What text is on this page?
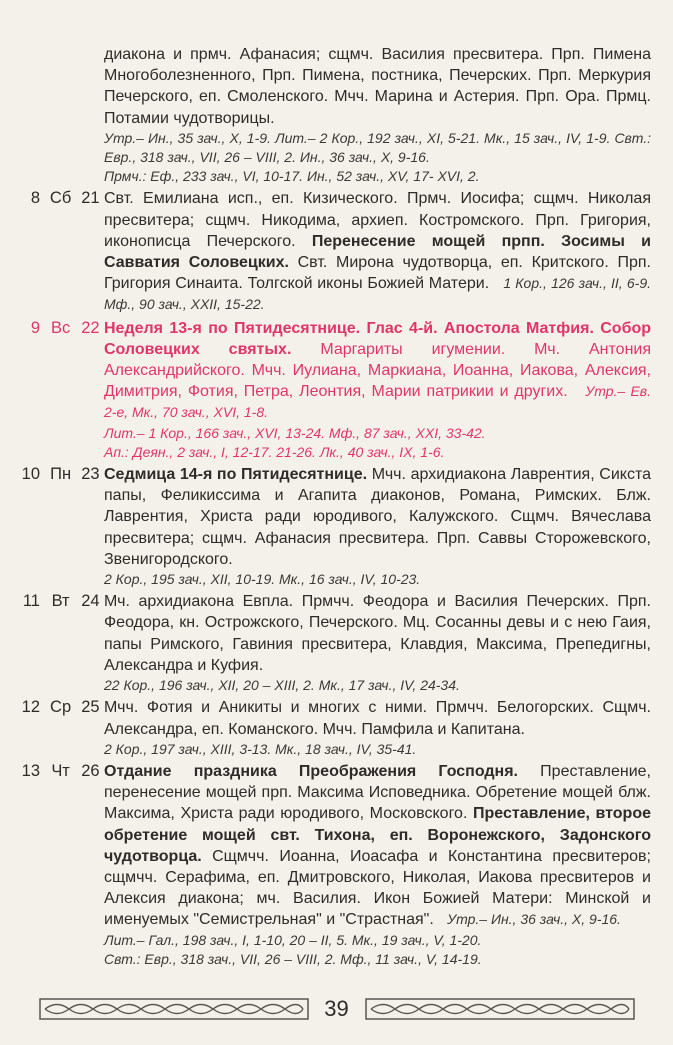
диакона и прмч. Афанасия; сщмч. Василия пресвитера. Прп. Пимена Многоболезненного, Прп. Пимена, постника, Печерских. Прп. Меркурия Печерского, еп. Смоленского. Мчч. Марина и Астерия. Прп. Ора. Прмц. Потамии чудотворицы.

Утр.– Ин., 35 зач., X, 1-9. Лит.– 2 Кор., 192 зач., XI, 5-21. Мк., 15 зач., IV, 1-9. Свт.: Евр., 318 зач., VII, 26 – VIII, 2. Ин., 36 зач., X, 9-16.

Прмч.: Еф., 233 зач., VI, 10-17. Ин., 52 зач., XV, 17- XVI, 2.

8 Сб 21 Свт. Емилиана исп., еп. Кизического. Прмч. Иосифа; сщмч. Николая пресвитера; сщмч. Никодима, архиеп. Костромского. Прп. Григория, иконописца Печерского. Перенесение мощей прпп. Зосимы и Савватия Соловецких. Свт. Мирона чудотворца, еп. Критского. Прп. Григория Синаита. Толгской иконы Божией Матери. 1 Кор., 126 зач., II, 6-9. Мф., 90 зач., XXII, 15-22.

9 Вс 22 Неделя 13-я по Пятидесятнице. Глас 4-й. Апостола Матфия. Собор Соловецких святых. Маргариты игумении. Мч. Антония Александрийского. Мчч. Иулиана, Маркиана, Иоанна, Иакова, Алексия, Димитрия, Фотия, Петра, Леонтия, Марии патрикии и других. Утр.– Ев. 2-е, Мк., 70 зач., XVI, 1-8.

Лит.– 1 Кор., 166 зач., XVI, 13-24. Мф., 87 зач., XXI, 33-42.

Ап.: Деян., 2 зач., I, 12-17. 21-26. Лк., 40 зач., IX, 1-6.

10 Пн 23 Седмица 14-я по Пятидесятнице. Мчч. архидиакона Лаврентия, Сикста папы, Феликиссима и Агапита диаконов, Романа, Римских. Блж. Лаврентия, Христа ради юродивого, Калужского. Сщмч. Вячеслава пресвитера; сщмч. Афанасия пресвитера. Прп. Саввы Сторожевского, Звенигородского.

2 Кор., 195 зач., XII, 10-19. Мк., 16 зач., IV, 10-23.

11 Вт 24 Мч. архидиакона Евпла. Прмчч. Феодора и Василия Печерских. Прп. Феодора, кн. Острожского, Печерского. Мц. Сосанны девы и с нею Гаия, папы Римского, Гавиния пресвитера, Клавдия, Максима, Препедигны, Александра и Куфия.

22 Кор., 196 зач., XII, 20 – XIII, 2. Мк., 17 зач., IV, 24-34.

12 Ср 25 Мчч. Фотия и Аникиты и многих с ними. Прмчч. Белогорских. Сщмч. Александра, еп. Команского. Мчч. Памфила и Капитана.

2 Кор., 197 зач., XIII, 3-13. Мк., 18 зач., IV, 35-41.

13 Чт 26 Отдание праздника Преображения Господня. Преставление, перенесение мощей прп. Максима Исповедника. Обретение мощей блж. Максима, Христа ради юродивого, Московского. Преставление, второе обретение мощей свт. Тихона, еп. Воронежского, Задонского чудотворца. Сщмчч. Иоанна, Иоасафа и Константина пресвитеров; сщмчч. Серафима, еп. Дмитровского, Николая, Иакова пресвитеров и Алексия диакона; мч. Василия. Икон Божией Матери: Минской и именуемых "Семистрельная" и "Страстная". Утр.– Ин., 36 зач., X, 9-16.

Лит.– Гал., 198 зач., I, 1-10, 20 – II, 5. Мк., 19 зач., V, 1-20.

Свт.: Евр., 318 зач., VII, 26 – VIII, 2. Мф., 11 зач., V, 14-19.

39
